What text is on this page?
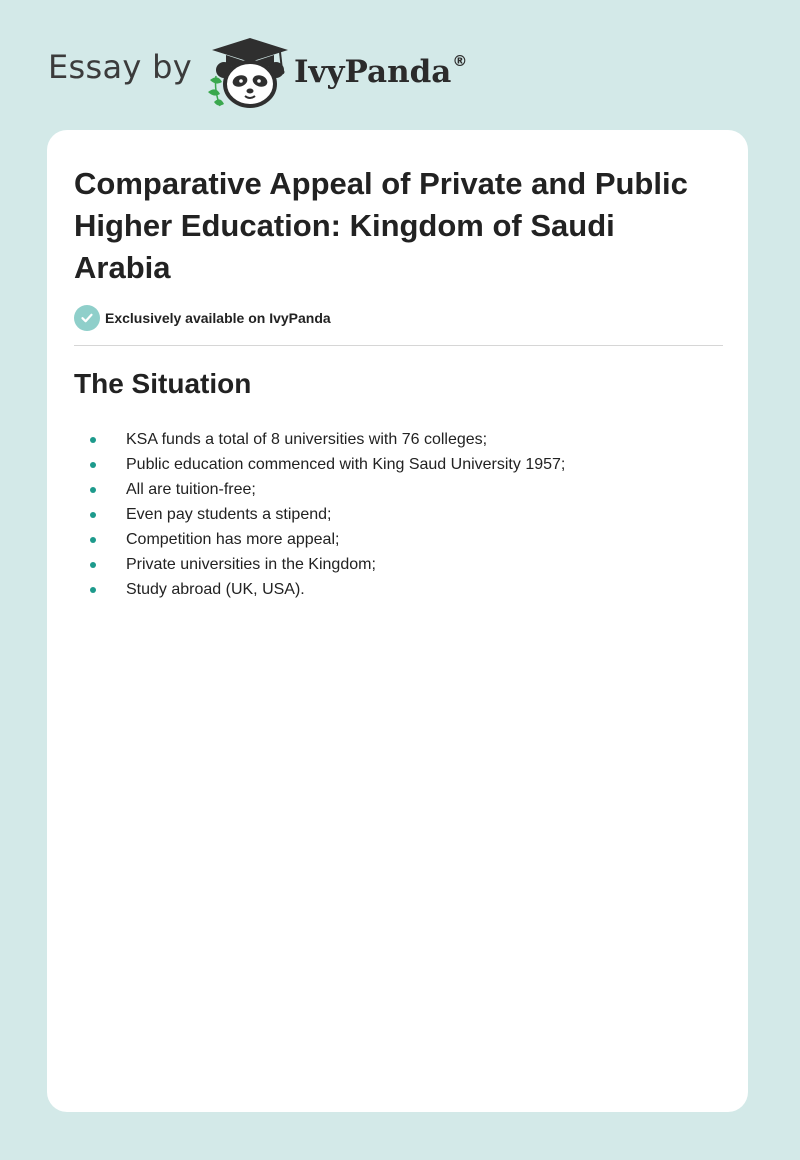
Essay by	IvyPanda®
Comparative Appeal of Private and Public Higher Education: Kingdom of Saudi Arabia
Exclusively available on IvyPanda
The Situation
KSA funds a total of 8 universities with 76 colleges;
Public education commenced with King Saud University 1957;
All are tuition-free;
Even pay students a stipend;
Competition has more appeal;
Private universities in the Kingdom;
Study abroad (UK, USA).
